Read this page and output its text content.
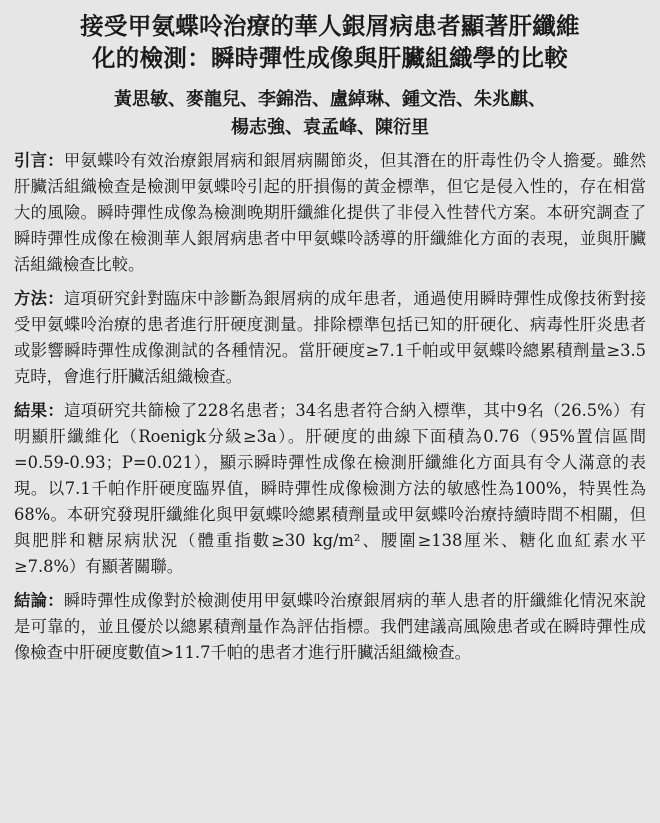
接受甲氨蝶呤治療的華人銀屑病患者顯著肝纖維
化的檢測：瞬時彈性成像與肝臟組織學的比較
黃思敏、麥龍兒、李錦浩、盧綽琳、鍾文浩、朱兆麒、
楊志強、袁孟峰、陳衍里

引言：甲氨蝶呤有效治療銀屑病和銀屑病關節炎，但其潛在的肝毒性仍令人擔憂。雖然肝臟活組織檢查是檢測甲氨蝶呤引起的肝損傷的黃金標準，但它是侵入性的，存在相當大的風險。瞬時彈性成像為檢測晚期肝纖維化提供了非侵入性替代方案。本研究調查了瞬時彈性成像在檢測華人銀屑病患者中甲氨蝶呤誘導的肝纖維化方面的表現，並與肝臟活組織檢查比較。

方法：這項研究針對臨床中診斷為銀屑病的成年患者，通過使用瞬時彈性成像技術對接受甲氨蝶呤治療的患者進行肝硬度測量。排除標準包括已知的肝硬化、病毒性肝炎患者或影響瞬時彈性成像測試的各種情況。當肝硬度≥7.1千帕或甲氨蝶呤總累積劑量≥3.5克時，會進行肝臟活組織檢查。

結果：這項研究共篩檢了228名患者；34名患者符合納入標準，其中9名（26.5%）有明顯肝纖維化（Roenigk分級≥3a）。肝硬度的曲線下面積為0.76（95%置信區間=0.59-0.93；P=0.021），顯示瞬時彈性成像在檢測肝纖維化方面具有令人滿意的表現。以7.1千帕作肝硬度臨界值，瞬時彈性成像檢測方法的敏感性為100%，特異性為68%。本研究發現肝纖維化與甲氨蝶呤總累積劑量或甲氨蝶呤治療持續時間不相關，但與肥胖和糖尿病狀況（體重指數≥30 kg/m²、腰圍≥138厘米、糖化血紅素水平≥7.8%）有顯著關聯。

結論：瞬時彈性成像對於檢測使用甲氨蝶呤治療銀屑病的華人患者的肝纖維化情況來說是可靠的，並且優於以總累積劑量作為評估指標。我們建議高風險患者或在瞬時彈性成像檢查中肝硬度數值>11.7千帕的患者才進行肝臟活組織檢查。
